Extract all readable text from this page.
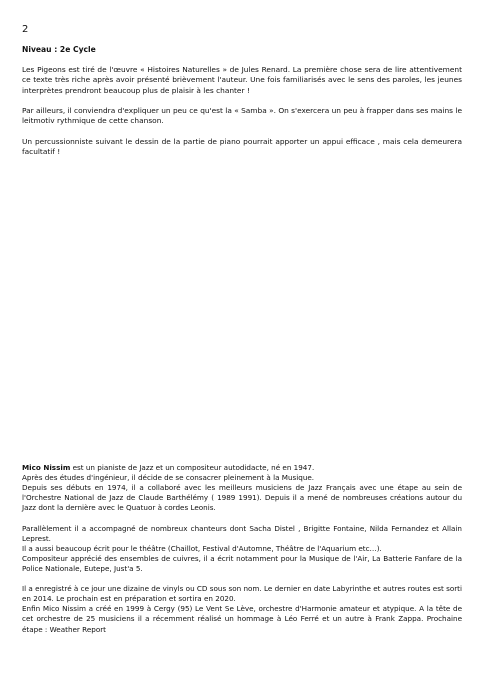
2

Niveau : 2e Cycle

Les Pigeons est tiré de l'œuvre « Histoires Naturelles » de Jules Renard. La première chose sera de lire attentivement ce texte très riche après avoir présenté brièvement l'auteur. Une fois familiarisés avec le sens des paroles, les jeunes interprètes prendront beaucoup plus de plaisir à les chanter !

Par ailleurs, il conviendra d'expliquer un peu ce qu'est la « Samba ». On s'exercera un peu à frapper dans ses mains le leitmotiv rythmique de cette chanson.

Un percussionniste suivant le dessin de la partie de piano pourrait apporter un appui efficace , mais cela demeurera facultatif !

Mico Nissim est un pianiste de Jazz et un compositeur autodidacte, né en 1947.
Après des études d'ingénieur, il décide de se consacrer pleinement à la Musique.
Depuis ses débuts en 1974, il a collaboré avec les meilleurs musiciens de Jazz Français avec une étape au sein de l'Orchestre National de Jazz de Claude Barthélémy ( 1989 1991). Depuis il a mené de nombreuses créations autour du Jazz dont la dernière avec le Quatuor à cordes Leonis.

Parallèlement il a accompagné de nombreux chanteurs dont Sacha Distel , Brigitte Fontaine, Nilda Fernandez et Allain Leprest.
Il a aussi beaucoup écrit pour le théâtre (Chaillot, Festival d'Automne, Théâtre de l'Aquarium etc…).
Compositeur apprécié des ensembles de cuivres, il a écrit notamment pour la Musique de l'Air, La Batterie Fanfare de la Police Nationale, Eutepe, Just'a 5.

Il a enregistré à ce jour une dizaine de vinyls ou CD sous son nom. Le dernier en date Labyrinthe et autres routes est sorti en 2014. Le prochain est en préparation et sortira en 2020.
Enfin Mico Nissim a créé en 1999 à Cergy (95) Le Vent Se Lève, orchestre d'Harmonie amateur et atypique. A la tête de cet orchestre de 25 musiciens il a récemment réalisé un hommage à Léo Ferré et un autre à Frank Zappa. Prochaine étape : Weather Report
